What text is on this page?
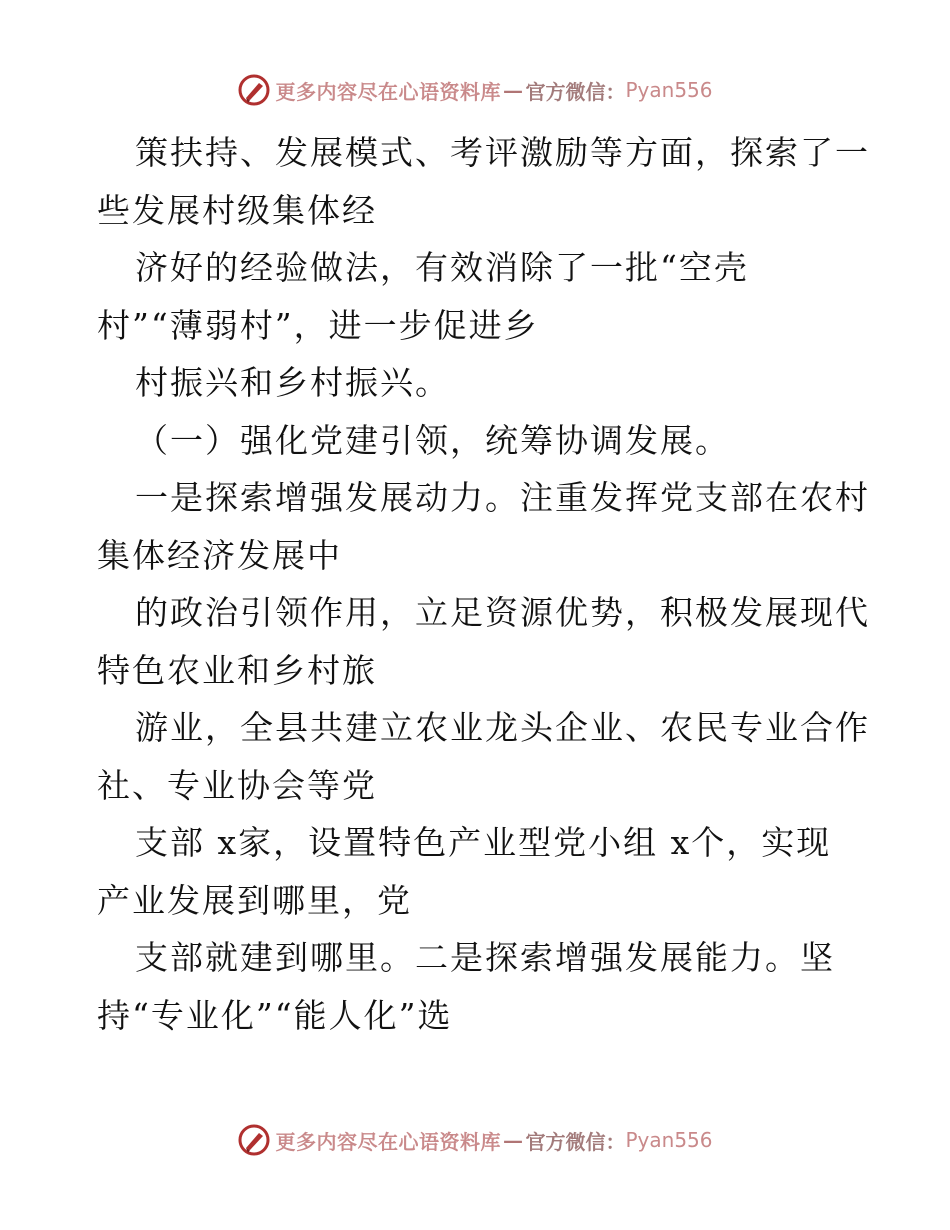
更多内容尽在心语资料库 — 官方微信： Pyan556
策扶持、发展模式、考评激励等方面，探索了一
些发展村级集体经
济好的经验做法，有效消除了一批“空壳
村”“薄弱村”，进一步促进乡
村振兴和乡村振兴。
（一）强化党建引领，统筹协调发展。
一是探索增强发展动力。注重发挥党支部在农村
集体经济发展中
的政治引领作用，立足资源优势，积极发展现代
特色农业和乡村旅
游业，全县共建立农业龙头企业、农民专业合作
社、专业协会等党
支部 x家，设置特色产业型党小组 x个，实现
产业发展到哪里，党
支部就建到哪里。二是探索增强发展能力。坚
持“专业化”“能人化”选
更多内容尽在心语资料库 — 官方微信： Pyan556
